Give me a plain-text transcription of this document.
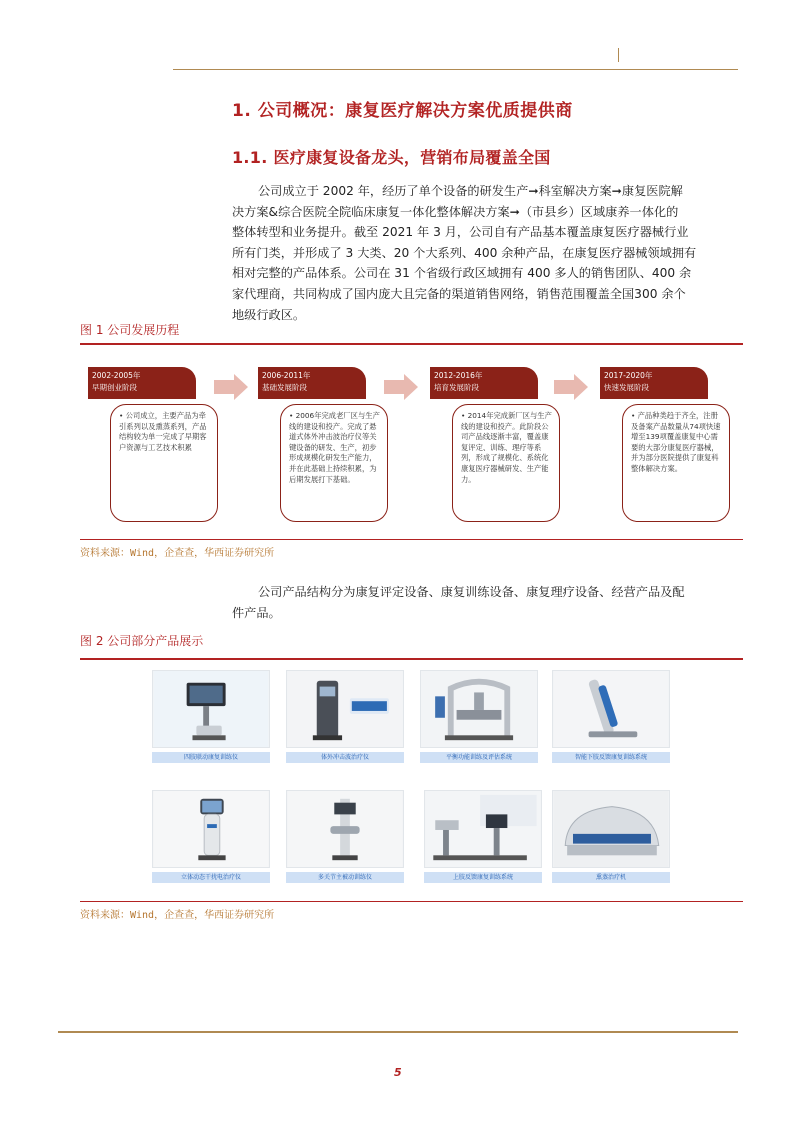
1. 公司概况：康复医疗解决方案优质提供商
1.1. 医疗康复设备龙头，营销布局覆盖全国
公司成立于 2002 年，经历了单个设备的研发生产➞科室解决方案➞康复医院解
决方案&综合医院全院临床康复一体化整体解决方案➞（市县乡）区域康养一体化的
整体转型和业务提升。截至 2021 年 3 月，公司自有产品基本覆盖康复医疗器械行业
所有门类，并形成了 3 大类、20 个大系列、400 余种产品，在康复医疗器械领域拥有
相对完整的产品体系。公司在 31 个省级行政区域拥有 400 多人的销售团队、400 余
家代理商，共同构成了国内庞大且完备的渠道销售网络，销售范围覆盖全国300 余个
地级行政区。
图 1 公司发展历程
2002-2005年
早期创业阶段
• 公司成立，主要产品为牵引系列以及熏蒸系列，产品结构较为单一完成了早期客户资源与工艺技术积累
2006-2011年
基础发展阶段
• 2006年完成老厂区与生产线的建设和投产。完成了悬道式体外冲击波治疗仪等关键设备的研发、生产，初步形成规模化研发生产能力，并在此基础上持续积累，为后期发展打下基础。
2012-2016年
培育发展阶段
• 2014年完成新厂区与生产线的建设和投产。此阶段公司产品线逐渐丰富，覆盖康复评定、训练、理疗等系列，形成了规模化、系统化康复医疗器械研发、生产能力。
2017-2020年
快速发展阶段
• 产品种类趋于齐全，注册及备案产品数量从74项快速增至139项覆盖康复中心需要的大部分康复医疗器械，并为部分医院提供了康复科整体解决方案。
资料来源：Wind，企查查，华西证券研究所
公司产品结构分为康复评定设备、康复训练设备、康复理疗设备、经营产品及配
件产品。
图 2 公司部分产品展示
四肢联动康复训练仪	体外冲击波治疗仪	平衡功能训练及评估系统	智能下肢反馈康复训练系统
立体动态干扰电治疗仪	多关节主被动训练仪	上肢反馈康复训练系统	熏蒸治疗机
资料来源：Wind，企查查，华西证券研究所
5
